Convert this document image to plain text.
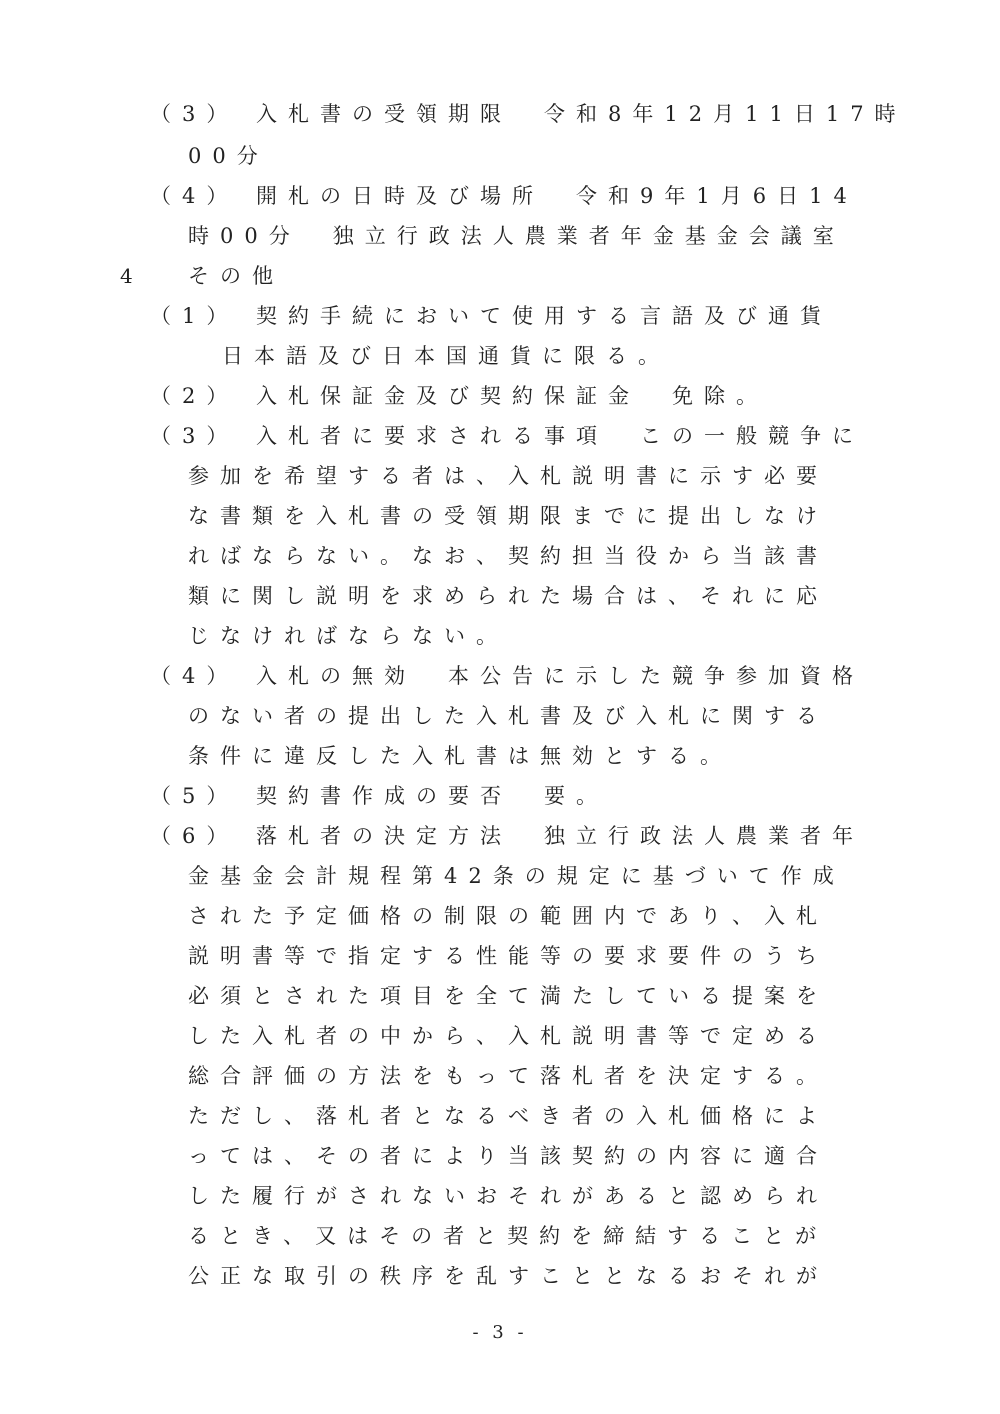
（3） 入札書の受領期限　令和8年12月11日17時
00分
（4） 開札の日時及び場所　令和9年1月6日14
時00分　独立行政法人農業者年金基金会議室
4	その他
（1） 契約手続において使用する言語及び通貨
日本語及び日本国通貨に限る。
（2） 入札保証金及び契約保証金　免除。
（3） 入札者に要求される事項　この一般競争に
参加を希望する者は、入札説明書に示す必要
な書類を入札書の受領期限までに提出しなけ
ればならない。なお、契約担当役から当該書
類に関し説明を求められた場合は、それに応
じなければならない。
（4） 入札の無効　本公告に示した競争参加資格
のない者の提出した入札書及び入札に関する
条件に違反した入札書は無効とする。
（5） 契約書作成の要否　要。
（6） 落札者の決定方法　独立行政法人農業者年
金基金会計規程第42条の規定に基づいて作成
された予定価格の制限の範囲内であり、入札
説明書等で指定する性能等の要求要件のうち
必須とされた項目を全て満たしている提案を
した入札者の中から、入札説明書等で定める
総合評価の方法をもって落札者を決定する。
ただし、落札者となるべき者の入札価格によ
っては、その者により当該契約の内容に適合
した履行がされないおそれがあると認められ
るとき、又はその者と契約を締結することが
公正な取引の秩序を乱すこととなるおそれが
- 3 -
